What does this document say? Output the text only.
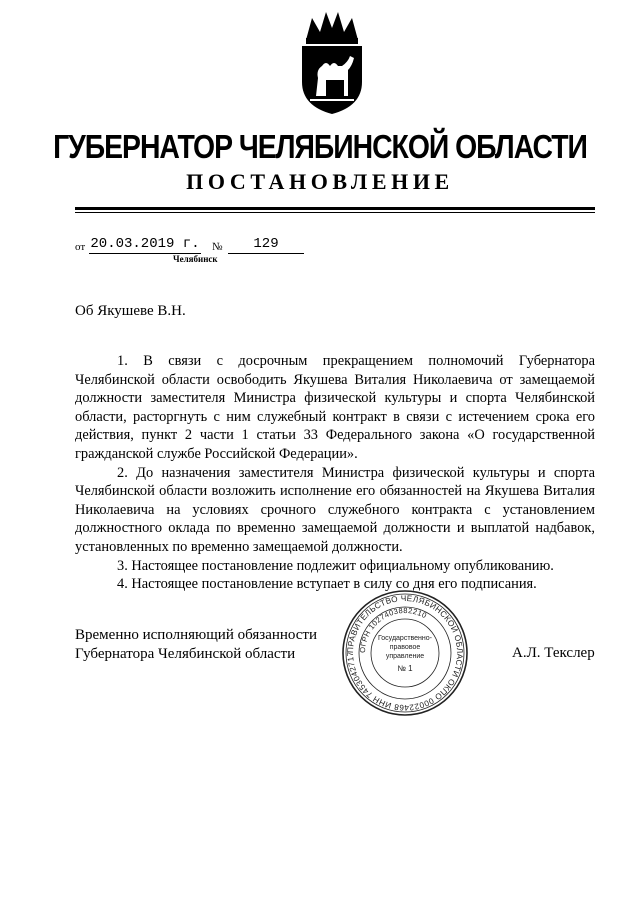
ГУБЕРНАТОР ЧЕЛЯБИНСКОЙ ОБЛАСТИ
ПОСТАНОВЛЕНИЕ
от 20.03.2019 г. №	129
Челябинск
Об Якушеве В.Н.

1. В связи с досрочным прекращением полномочий Губернатора Челябинской области освободить Якушева Виталия Николаевича от замещаемой должности заместителя Министра физической культуры и спорта Челябинской области, расторгнуть с ним служебный контракт в связи с истечением срока его действия, пункт 2 части 1 статьи 33 Федерального закона «О государственной гражданской службе Российской Федерации».

2. До назначения заместителя Министра физической культуры и спорта Челябинской области возложить исполнение его обязанностей на Якушева Виталия Николаевича на условиях срочного служебного контракта с установлением должностного оклада по временно замещаемой должности и выплатой надбавок, установленных по временно замещаемой должности.

3. Настоящее постановление подлежит официальному опубликованию.

4. Настоящее постановление вступает в силу со дня его подписания.

Временно исполняющий обязанности
Губернатора Челябинской области	ПРАВИТЕЛЬСТВО ЧЕЛЯБИНСКОЙ ОБЛАСТИ ОКПО 00022468 ИНН 7453042717
ОГРН 1027403882210
Государственно-
правовое
управление
№ 1
А.Л. Текслер
